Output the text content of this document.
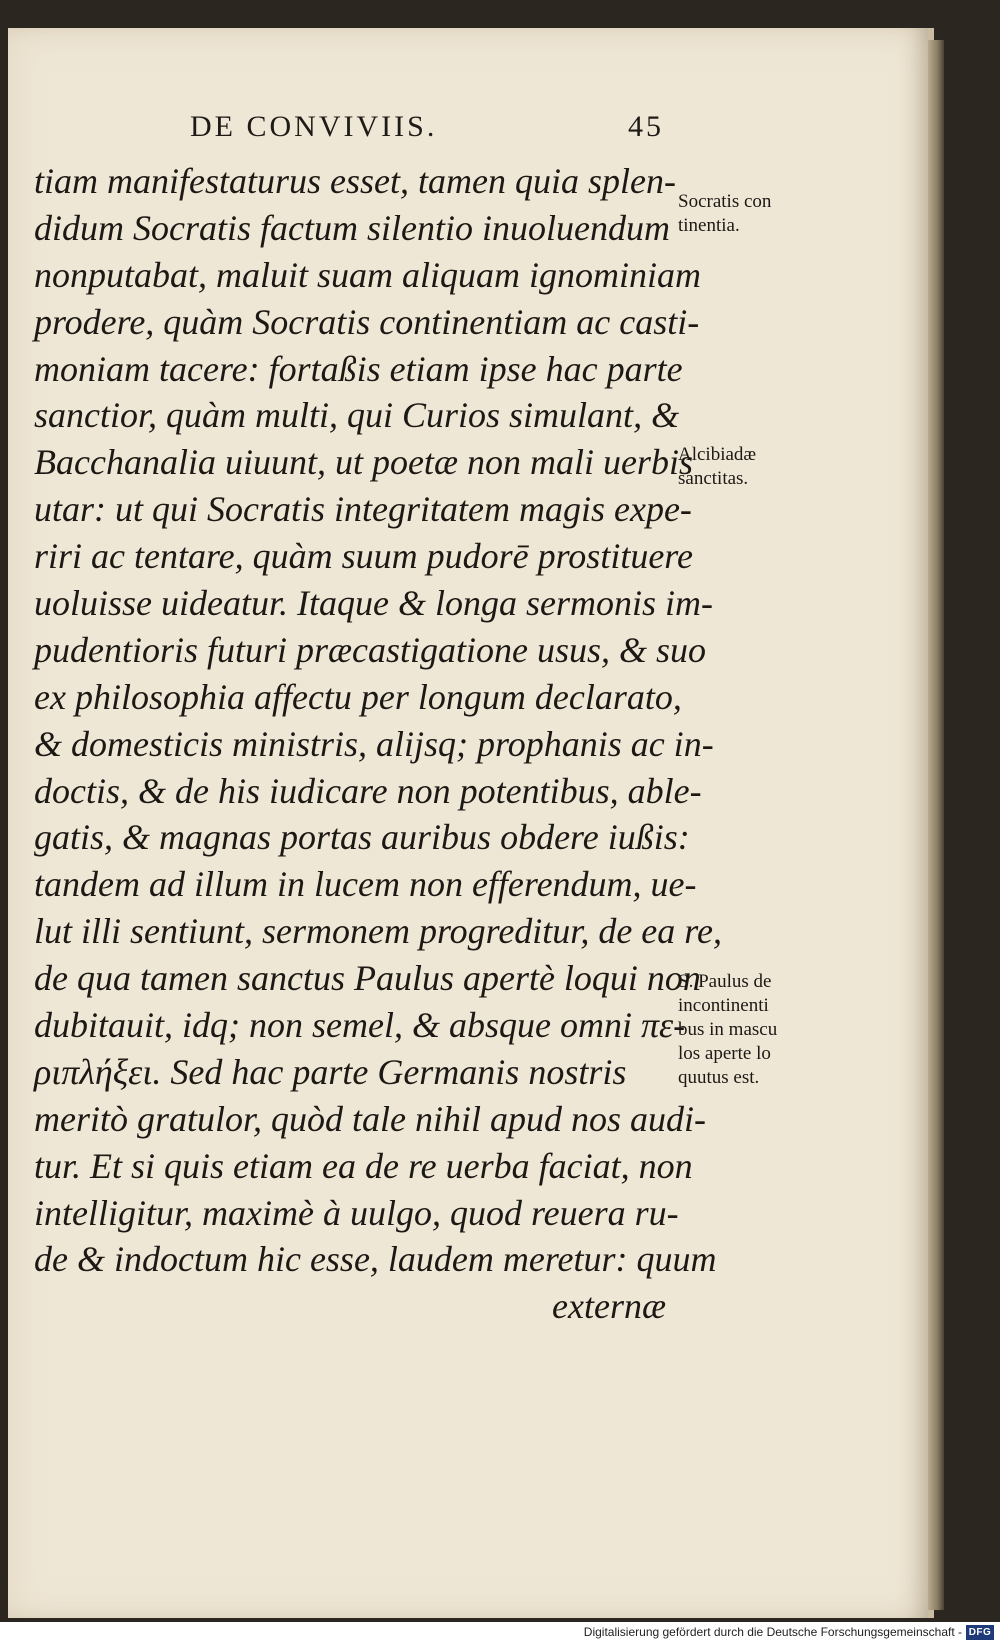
DE CONVIVIIS.	45
tiam manifestaturus esset, tamen quia splen-
didum Socratis factum silentio inuoluendum
nonputabat, maluit suam aliquam ignominiam
prodere, quàm Socratis continentiam ac casti-
moniam tacere: fortaßis etiam ipse hac parte
sanctior, quàm multi, qui Curios simulant, &
Bacchanalia uiuunt, ut poetæ non mali uerbis
utar: ut qui Socratis integritatem magis expe-
riri ac tentare, quàm suum pudorē prostituere
uoluisse uideatur. Itaque & longa sermonis im-
pudentioris futuri præcastigatione usus, & suo
ex philosophia affectu per longum declarato,
& domesticis ministris, alijsq; prophanis ac in-
doctis, & de his iudicare non potentibus, able-
gatis, & magnas portas auribus obdere iußis:
tandem ad illum in lucem non efferendum, ue-
lut illi sentiunt, sermonem progreditur, de ea re,
de qua tamen sanctus Paulus apertè loqui non
dubitauit, idq; non semel, & absque omni πε-
ριπλήξει. Sed hac parte Germanis nostris
meritò gratulor, quòd tale nihil apud nos audi-
tur. Et si quis etiam ea de re uerba faciat, non
intelligitur, maximè à uulgo, quod reuera ru-
de & indoctum hic esse, laudem meretur: quum
externæ
Socratis con
tinentia.
Alcibiadæ
sanctitas.
S. Paulus de
incontinenti
bus in mascu
los aperte lo
quutus est.
Digitalisierung gefördert durch die Deutsche Forschungsgemeinschaft - DFG
